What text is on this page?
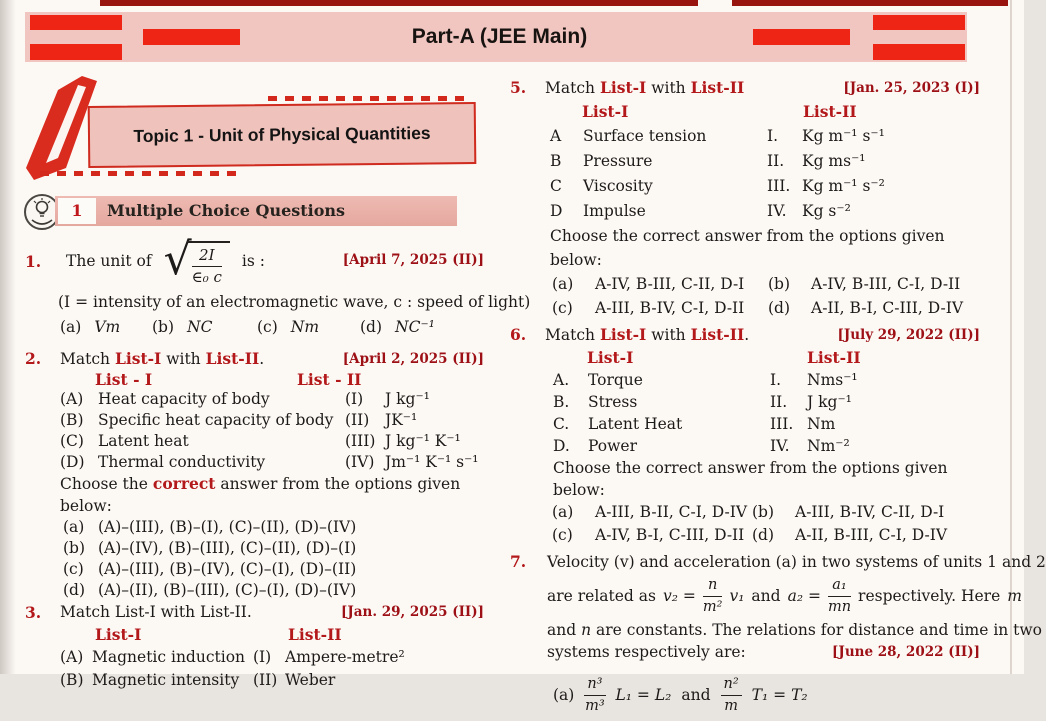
Part-A (JEE Main)
Topic 1 - Unit of Physical Quantities
1	Multiple Choice Questions
1.	The unit of √ $\frac{2I}{\text{∈₀ c}}$ is :	[April 7, 2025 (II)]
(I = intensity of an electromagnetic wave, c : speed of light)
(a) Vm (b) NC	(c) Nm	(d) NC⁻¹
2.	Match List-I with List-II.	[April 2, 2025 (II)]
List - I	List - II
(A) Heat capacity of body	(I)	J kg⁻¹
(B) Specific heat capacity of body (II)	JK⁻¹
(C) Latent heat	(III) J kg⁻¹ K⁻¹
(D) Thermal conductivity	(IV) Jm⁻¹ K⁻¹ s⁻¹
Choose the correct answer from the options given below:
(a) (A)–(III), (B)–(I), (C)–(II), (D)–(IV)
(b) (A)–(IV), (B)–(III), (C)–(II), (D)–(I)
(c) (A)–(III), (B)–(IV), (C)–(I), (D)–(II)
(d) (A)–(II), (B)–(III), (C)–(I), (D)–(IV)
3.	Match List-I with List-II.	[Jan. 29, 2025 (II)]
List-I	List-II
(A) Magnetic induction (I) Ampere-metre²
(B) Magnetic intensity (II) Weber
5.	Match List-I with List-II	[Jan. 25, 2023 (I)]
List-I	List-II
A	Surface tension	I.	Kg m⁻¹ s⁻¹
B	Pressure	II.	Kg ms⁻¹
C	Viscosity	III. Kg m⁻¹ s⁻²
D	Impulse	IV. Kg s⁻²
Choose the correct answer from the options given below:
(a)	A-IV, B-III, C-II, D-I (b)	A-IV, B-III, C-I, D-II
(c)	A-III, B-IV, C-I, D-II (d)	A-II, B-I, C-III, D-IV
6.	Match List-I with List-II.	[July 29, 2022 (II)]
List-I	List-II
A.	Torque	I.	Nms⁻¹
B.	Stress	II.	J kg⁻¹
C.	Latent Heat	III. Nm
D.	Power	IV.	Nm⁻²
Choose the correct answer from the options given below:
(a)	A-III, B-II, C-I, D-IV (b)	A-III, B-IV, C-II, D-I
(c)	A-IV, B-I, C-III, D-II (d)	A-II, B-III, C-I, D-IV
7.	Velocity (v) and acceleration (a) in two systems of units 1 and 2
are related as $v_2 = \frac{n}{\text{m²}} v_1$ and $a_2 = \frac{\text{a₁}}{mn}$ respectively. Here m
and n are constants. The relations for distance and time in two
systems respectively are:	[June 28, 2022 (II)]
$(a) \frac{\text{n³}}{\text{m³}} L_1 = L_2$ and $\frac{\text{n²}}{m} T_1 = T_2$
